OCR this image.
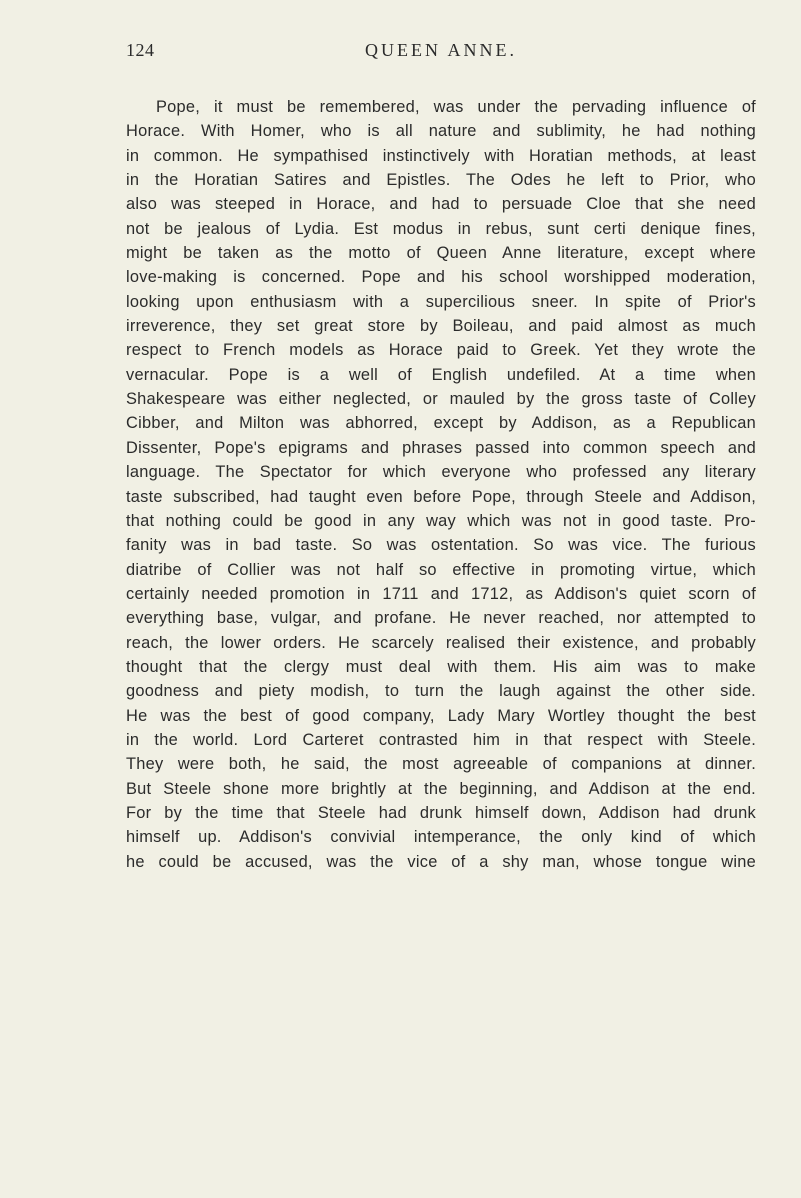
124	QUEEN ANNE.
Pope, it must be remembered, was under the pervading influence of
Horace. With Homer, who is all nature and sublimity, he had nothing
in common. He sympathised instinctively with Horatian methods, at least
in the Horatian Satires and Epistles. The Odes he left to Prior, who
also was steeped in Horace, and had to persuade Cloe that she need
not be jealous of Lydia. Est modus in rebus, sunt certi denique fines,
might be taken as the motto of Queen Anne literature, except where
love-making is concerned. Pope and his school worshipped moderation,
looking upon enthusiasm with a supercilious sneer. In spite of Prior's
irreverence, they set great store by Boileau, and paid almost as much
respect to French models as Horace paid to Greek. Yet they wrote the
vernacular. Pope is a well of English undefiled. At a time when
Shakespeare was either neglected, or mauled by the gross taste of Colley
Cibber, and Milton was abhorred, except by Addison, as a Republican
Dissenter, Pope's epigrams and phrases passed into common speech and
language. The Spectator for which everyone who professed any literary
taste subscribed, had taught even before Pope, through Steele and Addison,
that nothing could be good in any way which was not in good taste. Pro-
fanity was in bad taste. So was ostentation. So was vice. The furious
diatribe of Collier was not half so effective in promoting virtue, which
certainly needed promotion in 1711 and 1712, as Addison's quiet scorn of
everything base, vulgar, and profane. He never reached, nor attempted to
reach, the lower orders. He scarcely realised their existence, and probably
thought that the clergy must deal with them. His aim was to make
goodness and piety modish, to turn the laugh against the other side.
He was the best of good company, Lady Mary Wortley thought the best
in the world. Lord Carteret contrasted him in that respect with Steele.
They were both, he said, the most agreeable of companions at dinner.
But Steele shone more brightly at the beginning, and Addison at the end.
For by the time that Steele had drunk himself down, Addison had drunk
himself up. Addison's convivial intemperance, the only kind of which
he could be accused, was the vice of a shy man, whose tongue wine
